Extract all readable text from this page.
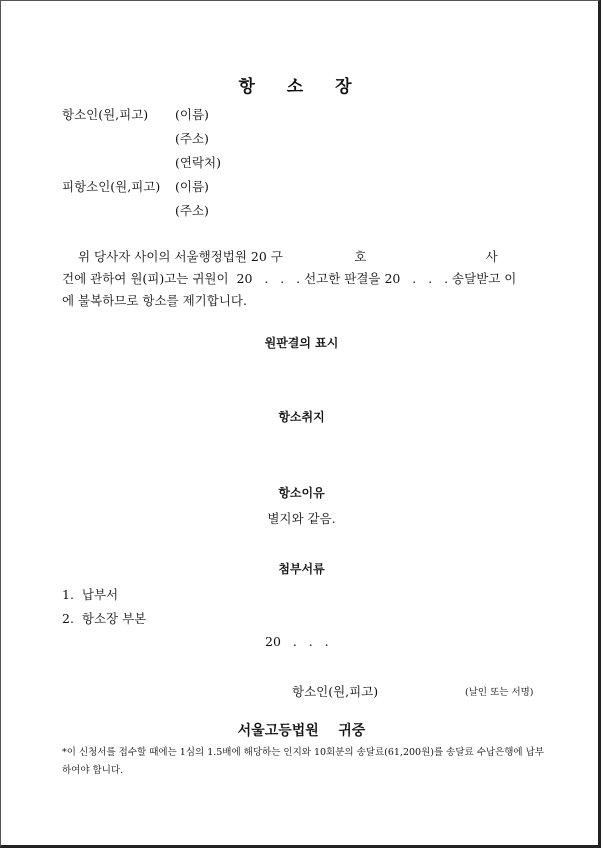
항 소 장
항소인(원,피고) (이름)
(주소)
(연락처)
피항소인(원,피고) (이름)
(주소)
위 당사자 사이의 서울행정법원 20 구                  호                              사
건에 관하여 원(피)고는 귀원이  20   .   .   . 선고한 판결을 20   .   .   . 송달받고 이
에 불복하므로 항소를 제기합니다.
원판결의 표시
항소취지
항소이유
별지와 같음.
첨부서류
1.  납부서
2.  항소장 부본
20   .   .   .
항소인(원,피고)	(날인 또는 서명)
서울고등법원    귀중
*이 신청서를 접수할 때에는 1심의 1.5배에 해당하는 인지와 10회분의 송달료(61,200원)를 송달료 수납은행에 납부하여야 합니다.
